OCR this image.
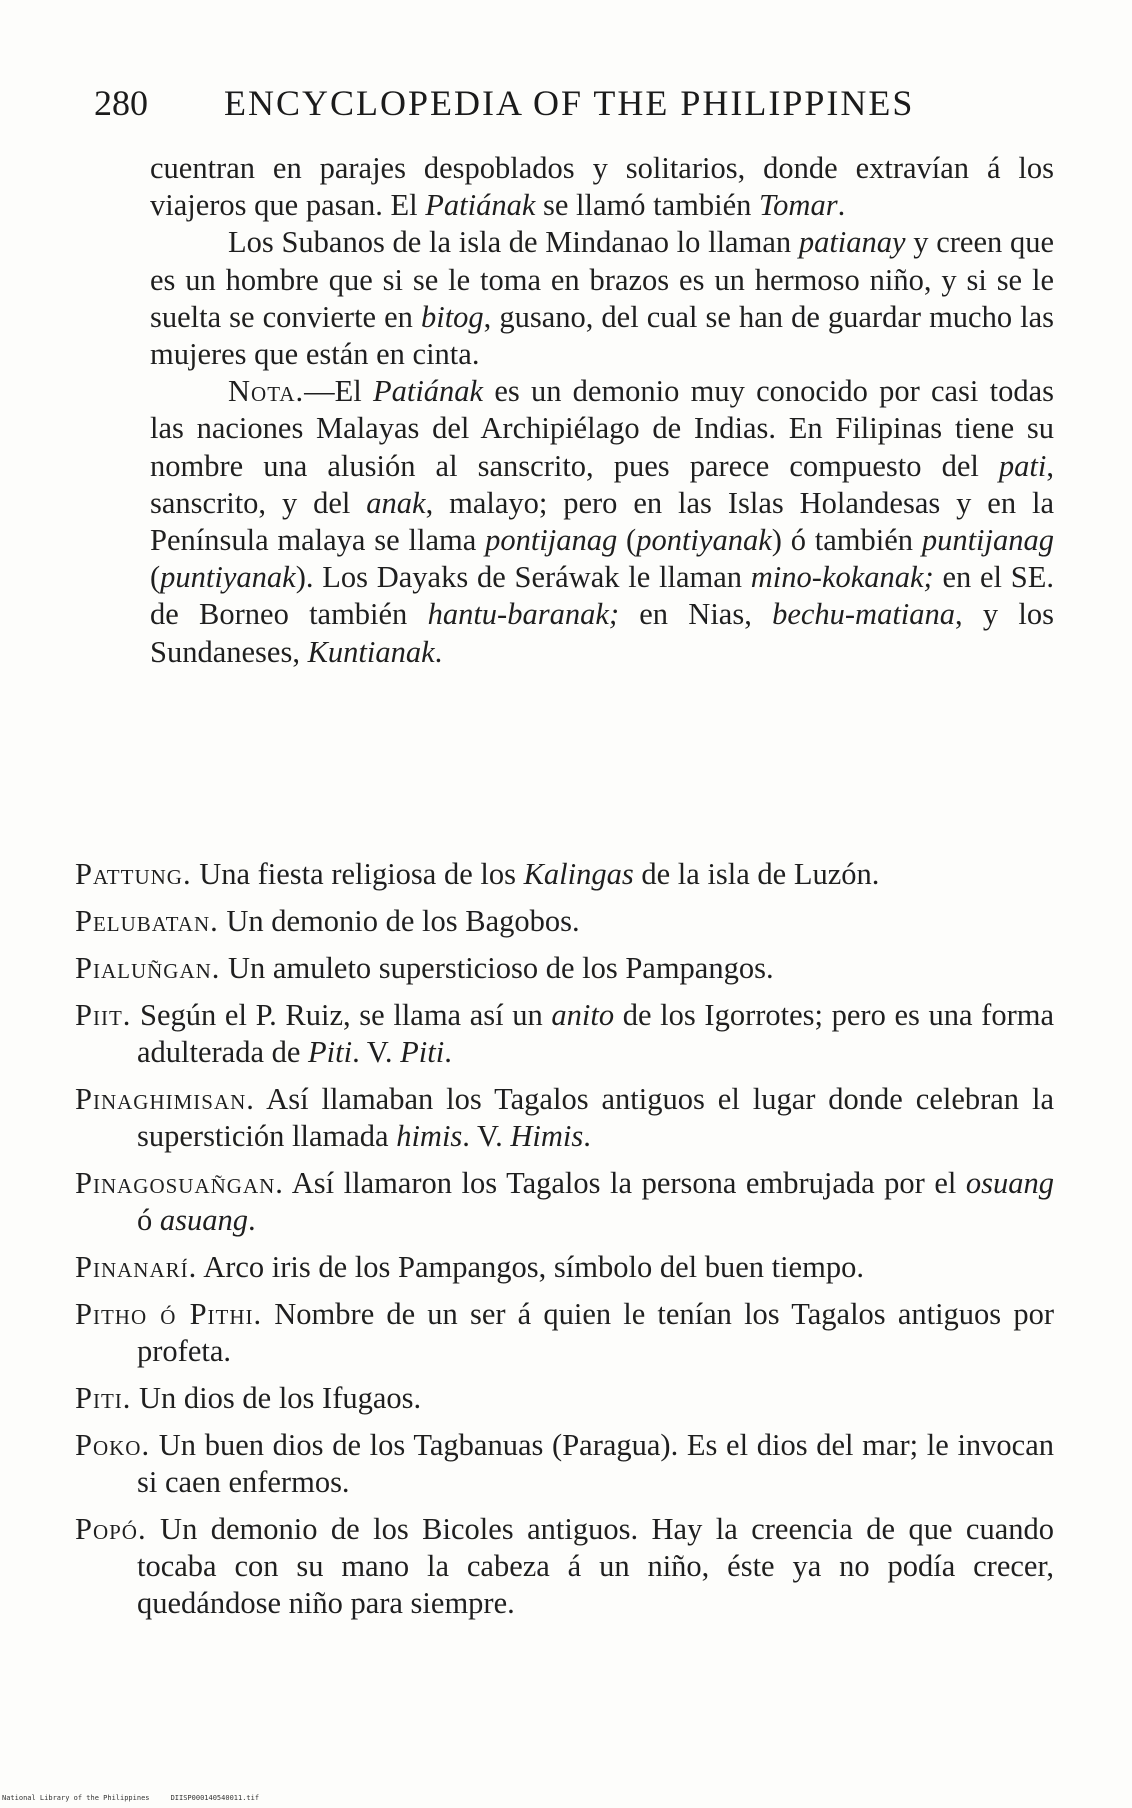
280 ENCYCLOPEDIA OF THE PHILIPPINES

cuentran en parajes despoblados y solitarios, donde extravían á los viajeros que pasan. El Patiának se llamó también Tomar.

Los Subanos de la isla de Mindanao lo llaman patianay y creen que es un hombre que si se le toma en brazos es un hermoso niño, y si se le suelta se convierte en bitog, gusano, del cual se han de guardar mucho las mujeres que están en cinta.

Nota.—El Patiának es un demonio muy conocido por casi todas las naciones Malayas del Archipiélago de Indias. En Filipinas tiene su nombre una alusión al sanscrito, pues parece compuesto del pati, sanscrito, y del anak, malayo; pero en las Islas Holandesas y en la Península malaya se llama pontijanag (pontiyanak) ó también puntijanag (puntiyanak). Los Dayaks de Seráwak le llaman mino-kokanak; en el SE. de Borneo también hantu-baranak; en Nias, bechu-matiana, y los Sundaneses, Kuntianak.

Pattung. Una fiesta religiosa de los Kalingas de la isla de Luzón.

Pelubatan. Un demonio de los Bagobos.

Pialuñgan. Un amuleto supersticioso de los Pampangos.

Piit. Según el P. Ruiz, se llama así un anito de los Igorrotes; pero es una forma adulterada de Piti. V. Piti.

Pinaghimisan. Así llamaban los Tagalos antiguos el lugar donde celebran la superstición llamada himis. V. Himis.

Pinagosuañgan. Así llamaron los Tagalos la persona embrujada por el osuang ó asuang.

Pinanarí. Arco iris de los Pampangos, símbolo del buen tiempo.

Pitho ó Pithi. Nombre de un ser á quien le tenían los Tagalos antiguos por profeta.

Piti. Un dios de los Ifugaos.

Poko. Un buen dios de los Tagbanuas (Paragua). Es el dios del mar; le invocan si caen enfermos.

Popó. Un demonio de los Bicoles antiguos. Hay la creencia de que cuando tocaba con su mano la cabeza á un niño, éste ya no podía crecer, quedándose niño para siempre.

National Library of the Philippines     DIISP000140540011.tif
